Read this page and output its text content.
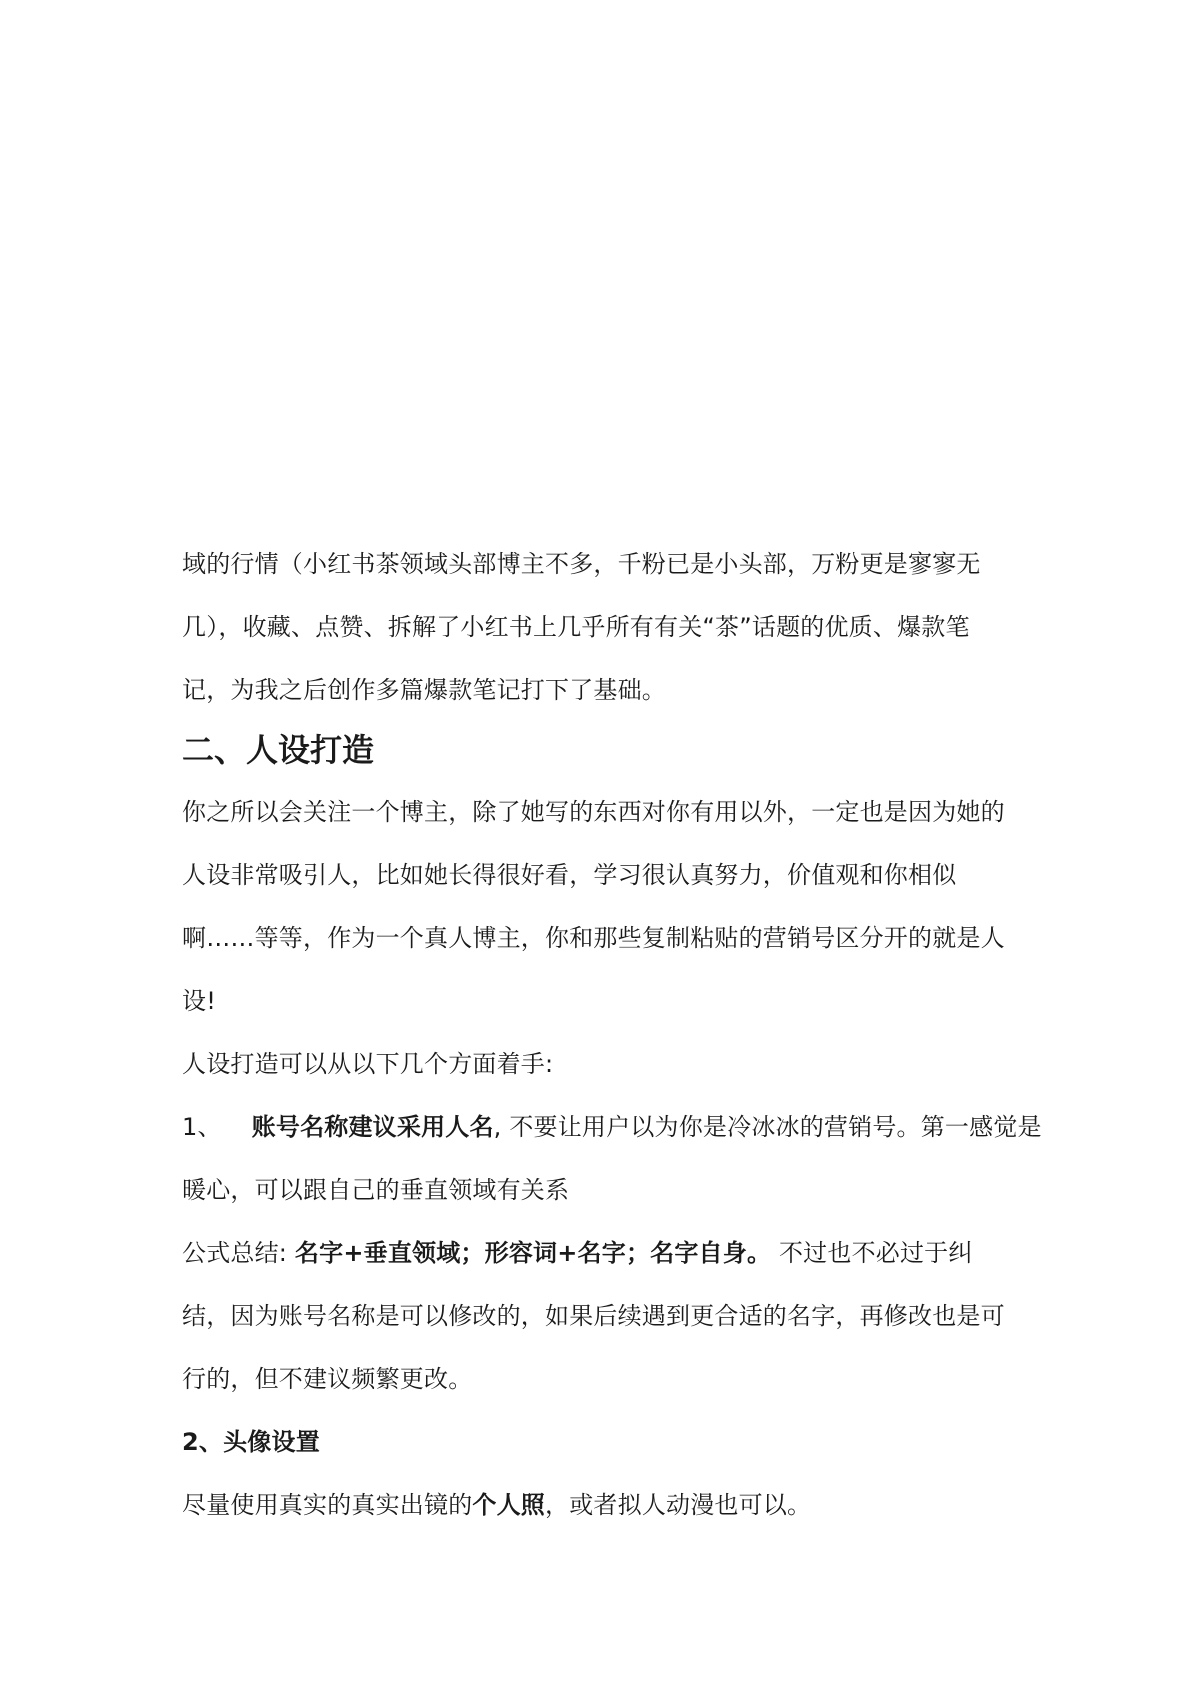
域的行情（小红书茶领域头部博主不多，千粉已是小头部，万粉更是寥寥无
几），收藏、点赞、拆解了小红书上几乎所有有关“茶”话题的优质、爆款笔
记，为我之后创作多篇爆款笔记打下了基础。
二、人设打造
你之所以会关注一个博主，除了她写的东西对你有用以外，一定也是因为她的
人设非常吸引人，比如她长得很好看，学习很认真努力，价值观和你相似
啊……等等，作为一个真人博主，你和那些复制粘贴的营销号区分开的就是人
设!
人设打造可以从以下几个方面着手:
1、 账号名称建议采用人名, 不要让用户以为你是冷冰冰的营销号。第一感觉是
暖心，可以跟自己的垂直领域有关系
公式总结: 名字+垂直领域；形容词+名字；名字自身。 不过也不必过于纠
结，因为账号名称是可以修改的，如果后续遇到更合适的名字，再修改也是可
行的，但不建议频繁更改。
2、头像设置
尽量使用真实的真实出镜的个人照，或者拟人动漫也可以。
